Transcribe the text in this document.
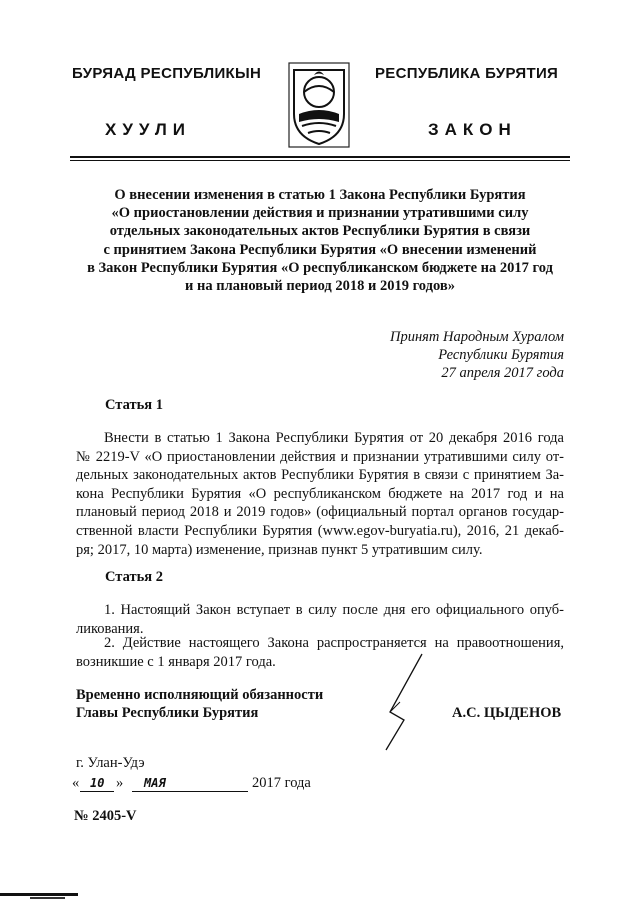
БУРЯАД РЕСПУБЛИКЫН
ХУУЛИ
РЕСПУБЛИКА БУРЯТИЯ
ЗАКОН
О внесении изменения в статью 1 Закона Республики Бурятия
«О приостановлении действия и признании утратившими силу
отдельных законодательных актов Республики Бурятия в связи
с принятием Закона Республики Бурятия «О внесении изменений
в Закон Республики Бурятия «О республиканском бюджете на 2017 год
и на плановый период 2018 и 2019 годов»
Принят Народным Хуралом
Республики Бурятия
27 апреля 2017 года
Статья 1
Внести в статью 1 Закона Республики Бурятия от 20 декабря 2016 года
№ 2219-V «О приостановлении действия и признании утратившими силу от-
дельных законодательных актов Республики Бурятия в связи с принятием За-
кона Республики Бурятия «О республиканском бюджете на 2017 год и на
плановый период 2018 и 2019 годов» (официальный портал органов государ-
ственной власти Республики Бурятия (www.egov-buryatia.ru), 2016, 21 декаб-
ря; 2017, 10 марта) изменение, признав пункт 5 утратившим силу.
Статья 2
1. Настоящий Закон вступает в силу после дня его официального опуб-
ликования.
2. Действие настоящего Закона распространяется на правоотношения,
возникшие с 1 января 2017 года.
Временно исполняющий обязанности
Главы Республики Бурятия	А.С. ЦЫДЕНОВ
г. Улан-Удэ
« 10 » МАЯ	2017 года
№ 2405-V
